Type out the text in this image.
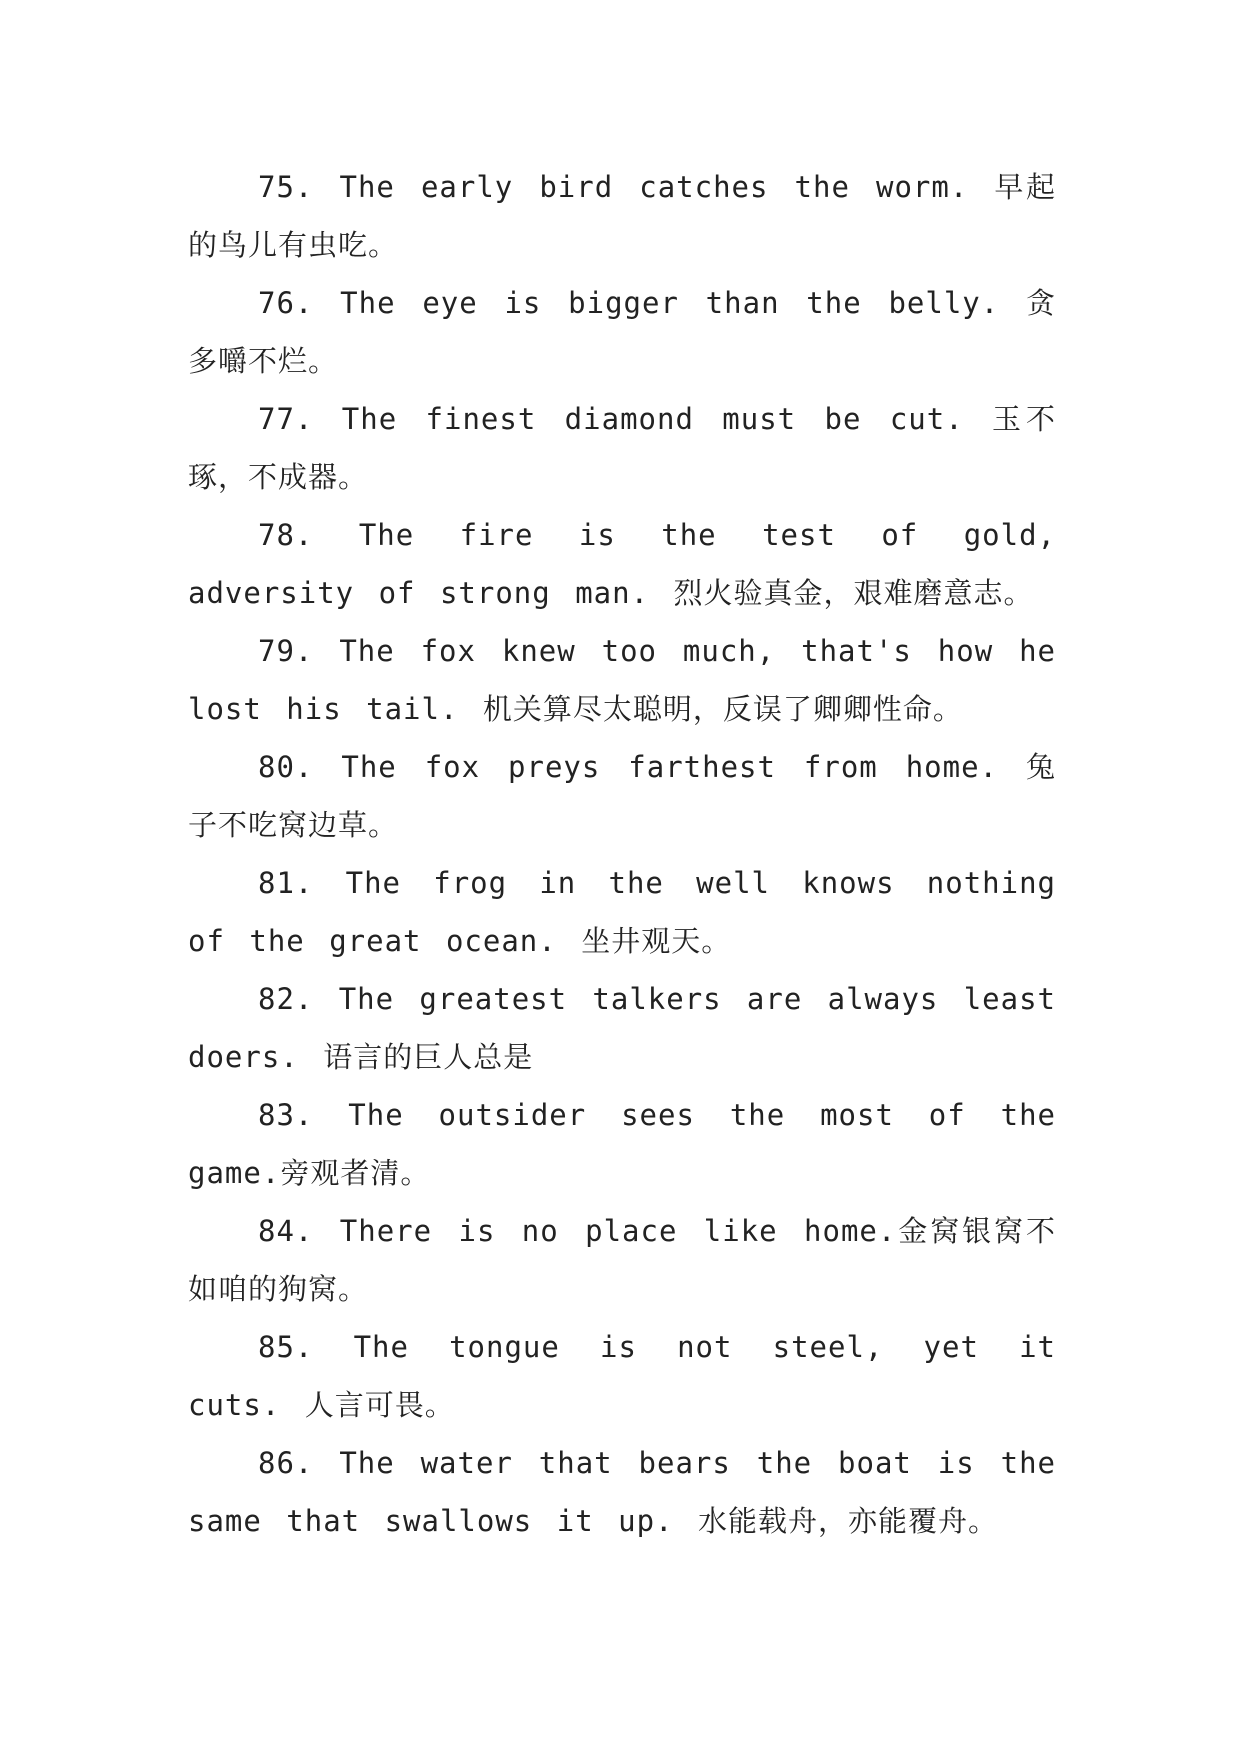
75. The early bird catches the worm. 早起的鸟儿有虫吃。

76. The eye is bigger than the belly. 贪多嚼不烂。

77. The finest diamond must be cut. 玉不琢，不成器。

78. The fire is the test of gold, adversity of strong man. 烈火验真金，艰难磨意志。

79. The fox knew too much, that's how he lost his tail. 机关算尽太聪明，反误了卿卿性命。

80. The fox preys farthest from home. 兔子不吃窝边草。

81. The frog in the well knows nothing of the great ocean. 坐井观天。

82. The greatest talkers are always least doers. 语言的巨人总是

83. The outsider sees the most of the game.旁观者清。

84. There is no place like home.金窝银窝不如咱的狗窝。

85. The tongue is not steel, yet it cuts. 人言可畏。

86. The water that bears the boat is the same that swallows it up. 水能载舟，亦能覆舟。
